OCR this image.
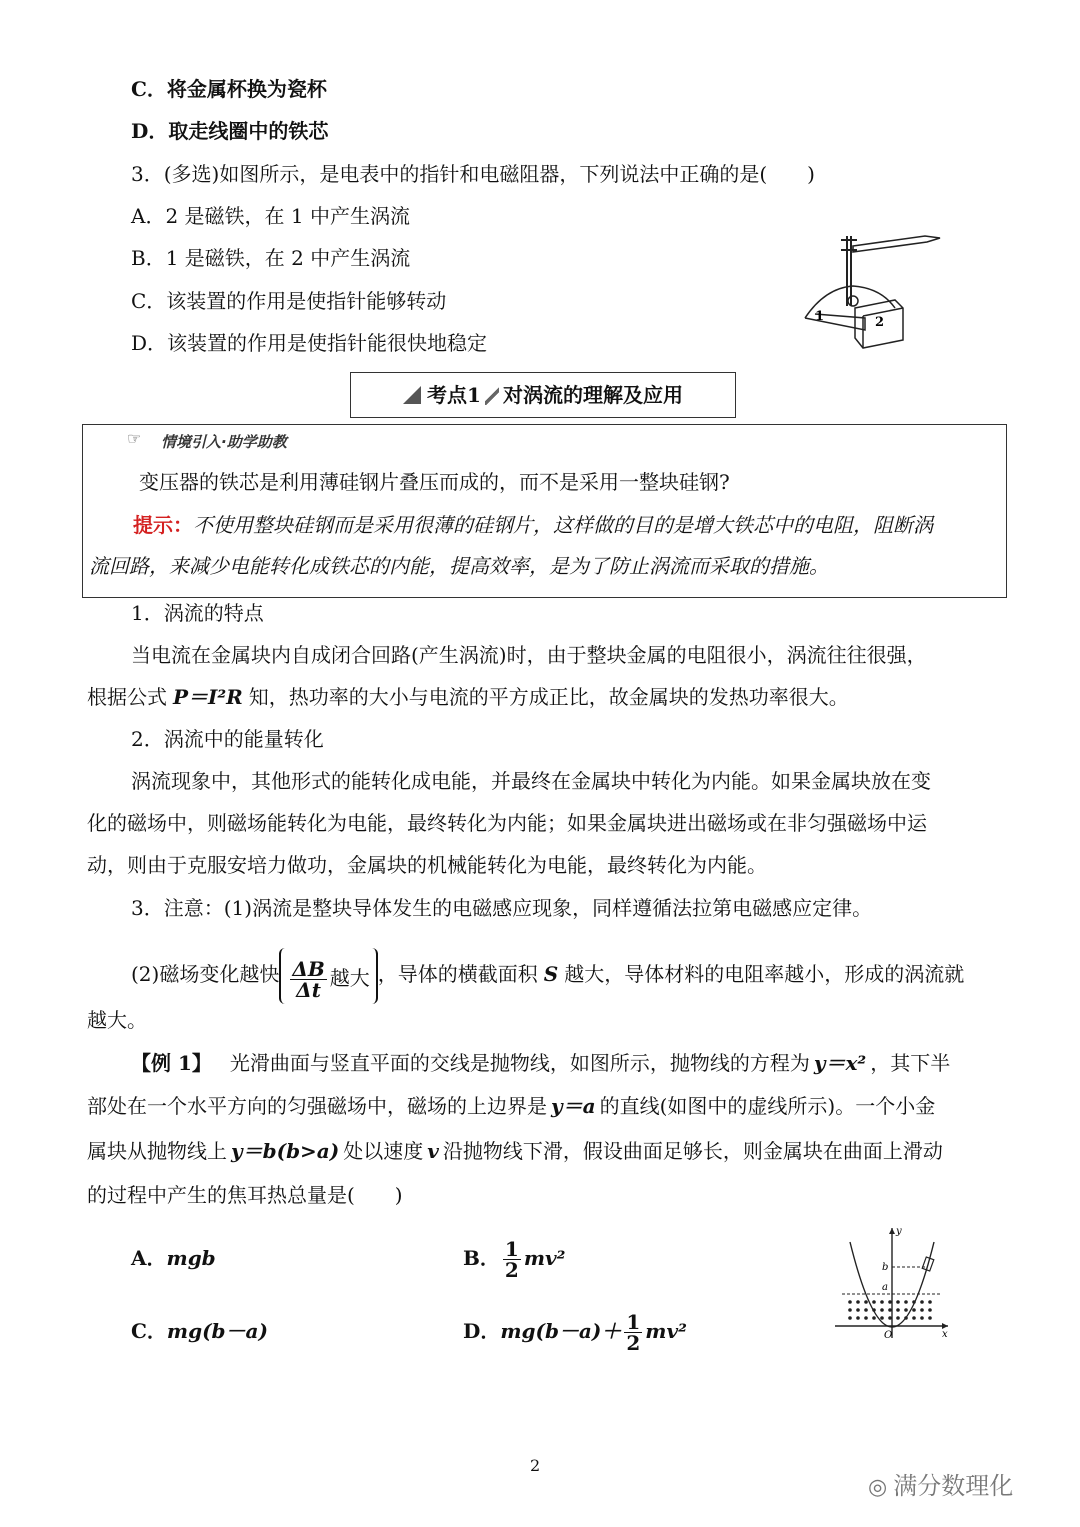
C．将金属杯换为瓷杯
D．取走线圈中的铁芯
3．(多选)如图所示，是电表中的指针和电磁阻器，下列说法中正确的是(　　)
A．2 是磁铁，在 1 中产生涡流
B．1 是磁铁，在 2 中产生涡流
C．该装置的作用是使指针能够转动
D．该装置的作用是使指针能很快地稳定
1	2
考点1 对涡流的理解及应用
☞ 情境引入·助学助教
变压器的铁芯是利用薄硅钢片叠压而成的，而不是采用一整块硅钢?
提示：不使用整块硅钢而是采用很薄的硅钢片，这样做的目的是增大铁芯中的电阻，阻断涡
流回路，来减少电能转化成铁芯的内能，提高效率，是为了防止涡流而采取的措施。
1．涡流的特点
当电流在金属块内自成闭合回路(产生涡流)时，由于整块金属的电阻很小，涡流往往很强，
根据公式 P＝I²R 知，热功率的大小与电流的平方成正比，故金属块的发热功率很大。
2．涡流中的能量转化
涡流现象中，其他形式的能转化成电能，并最终在金属块中转化为内能。如果金属块放在变
化的磁场中，则磁场能转化为电能，最终转化为内能；如果金属块进出磁场或在非匀强磁场中运
动，则由于克服安培力做功，金属块的机械能转化为电能，最终转化为内能。
3．注意：(1)涡流是整块导体发生的电磁感应现象，同样遵循法拉第电磁感应定律。
(2)磁场变化越快 $\frac{\Delta B}{\Delta t}$ 越大 ，导体的横截面积 S 越大，导体材料的电阻率越小，形成的涡流就
越大。
【例 1】 光滑曲面与竖直平面的交线是抛物线，如图所示，抛物线的方程为 y＝x² ，其下半
部处在一个水平方向的匀强磁场中，磁场的上边界是 y＝a 的直线(如图中的虚线所示)。一个小金
属块从抛物线上 y＝b(b>a) 处以速度 v 沿抛物线下滑，假设曲面足够长，则金属块在曲面上滑动
的过程中产生的焦耳热总量是(　　)
A．mgb	B． $\frac{1}{2} mv^2$
C．mg(b－a)	D．$mg(b-a)+ \frac{1}{2} mv^2$
y
x
b
a
O
2
◎ 满分数理化
